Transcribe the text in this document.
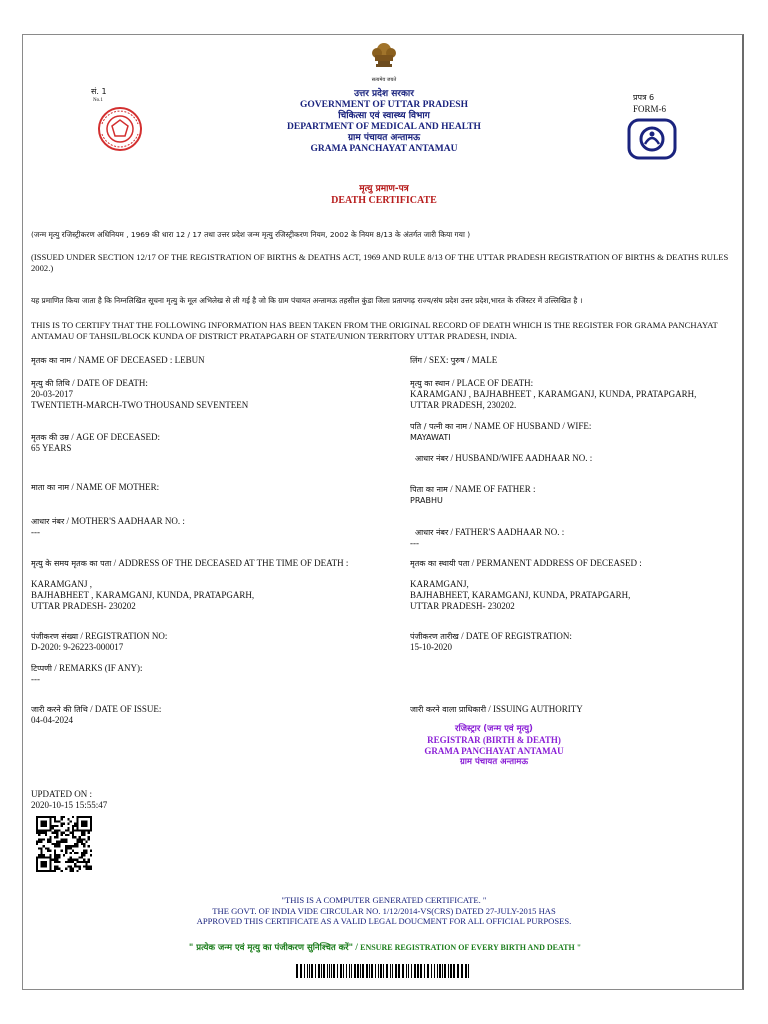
सत्यमेव जयते
सं. 1
No.1
उत्तर प्रदेश सरकार
GOVERNMENT OF UTTAR PRADESH
चिकित्सा एवं स्वास्थ्य विभाग
DEPARTMENT OF MEDICAL AND HEALTH
ग्राम पंचायत अन्तामऊ
GRAMA PANCHAYAT ANTAMAU
प्रपत्र 6
FORM-6
मृत्यु प्रमाण-पत्र
DEATH CERTIFICATE
(जन्म मृत्यु रजिस्ट्रीकरण अधिनियम , 1969 की धारा 12 / 17 तथा उत्तर प्रदेश जन्म मृत्यु रजिस्ट्रीकरण नियम, 2002 के नियम 8/13 के अंतर्गत जारी किया गया )
(ISSUED UNDER SECTION 12/17 OF THE REGISTRATION OF BIRTHS & DEATHS ACT, 1969 AND RULE 8/13 OF THE UTTAR PRADESH REGISTRATION OF BIRTHS & DEATHS RULES 2002.)
यह प्रमाणित किया जाता है कि निम्नलिखित सूचना मृत्यु के मूल अभिलेख से ली गई है जो कि ग्राम पंचायत अन्तामऊ तहसील कुंडा जिला प्रतापगढ़ राज्य/संघ प्रदेश उत्तर प्रदेश,भारत के रजिस्टर में उल्लिखित है ।
THIS IS TO CERTIFY THAT THE FOLLOWING INFORMATION HAS BEEN TAKEN FROM THE ORIGINAL RECORD OF DEATH WHICH IS THE REGISTER FOR GRAMA PANCHAYAT ANTAMAU OF TAHSIL/BLOCK KUNDA OF DISTRICT PRATAPGARH OF STATE/UNION TERRITORY UTTAR PRADESH, INDIA.
मृतक का नाम / NAME OF DECEASED : LEBUN
मृत्यु की तिथि / DATE OF DEATH:
20-03-2017
TWENTIETH-MARCH-TWO THOUSAND SEVENTEEN
मृतक की उम्र / AGE OF DECEASED:
65 YEARS
माता का नाम / NAME OF MOTHER:
आधार नंबर / MOTHER'S AADHAAR NO. :
---
मृत्यु के समय मृतक का पता / ADDRESS OF THE DECEASED AT THE TIME OF DEATH :
KARAMGANJ ,
BAJHABHEET , KARAMGANJ, KUNDA, PRATAPGARH,
UTTAR PRADESH- 230202
पंजीकरण संख्या / REGISTRATION NO:
D-2020: 9-26223-000017
टिप्पणी / REMARKS (IF ANY):
---
जारी करने की तिथि / DATE OF ISSUE:
04-04-2024
लिंग / SEX: पुरुष / MALE
मृत्यु का स्थान / PLACE OF DEATH:
KARAMGANJ , BAJHABHEET , KARAMGANJ, KUNDA, PRATAPGARH,
UTTAR PRADESH, 230202.
पति / पत्नी का नाम / NAME OF HUSBAND / WIFE:
MAYAWATI
आधार नंबर / HUSBAND/WIFE AADHAAR NO. :
पिता का नाम / NAME OF FATHER :
PRABHU
आधार नंबर / FATHER'S AADHAAR NO. :
---
मृतक का स्थायी पता / PERMANENT ADDRESS OF DECEASED :
KARAMGANJ,
BAJHABHEET, KARAMGANJ, KUNDA, PRATAPGARH,
UTTAR PRADESH- 230202
पंजीकरण तारीख / DATE OF REGISTRATION:
15-10-2020
जारी करने वाला प्राधिकारी / ISSUING AUTHORITY
रजिस्ट्रार (जन्म एवं मृत्यु)
REGISTRAR (BIRTH & DEATH)
GRAMA PANCHAYAT ANTAMAU
ग्राम पंचायत अन्तामऊ
UPDATED ON :
2020-10-15 15:55:47
"THIS IS A COMPUTER GENERATED CERTIFICATE. "
THE GOVT. OF INDIA VIDE CIRCULAR NO. 1/12/2014-VS(CRS) DATED 27-JULY-2015 HAS
APPROVED THIS CERTIFICATE AS A VALID LEGAL DOUCMENT FOR ALL OFFICIAL PURPOSES.
" प्रत्येक जन्म एवं मृत्यु का पंजीकरण सुनिश्चित करें" / ENSURE REGISTRATION OF EVERY BIRTH AND DEATH "
